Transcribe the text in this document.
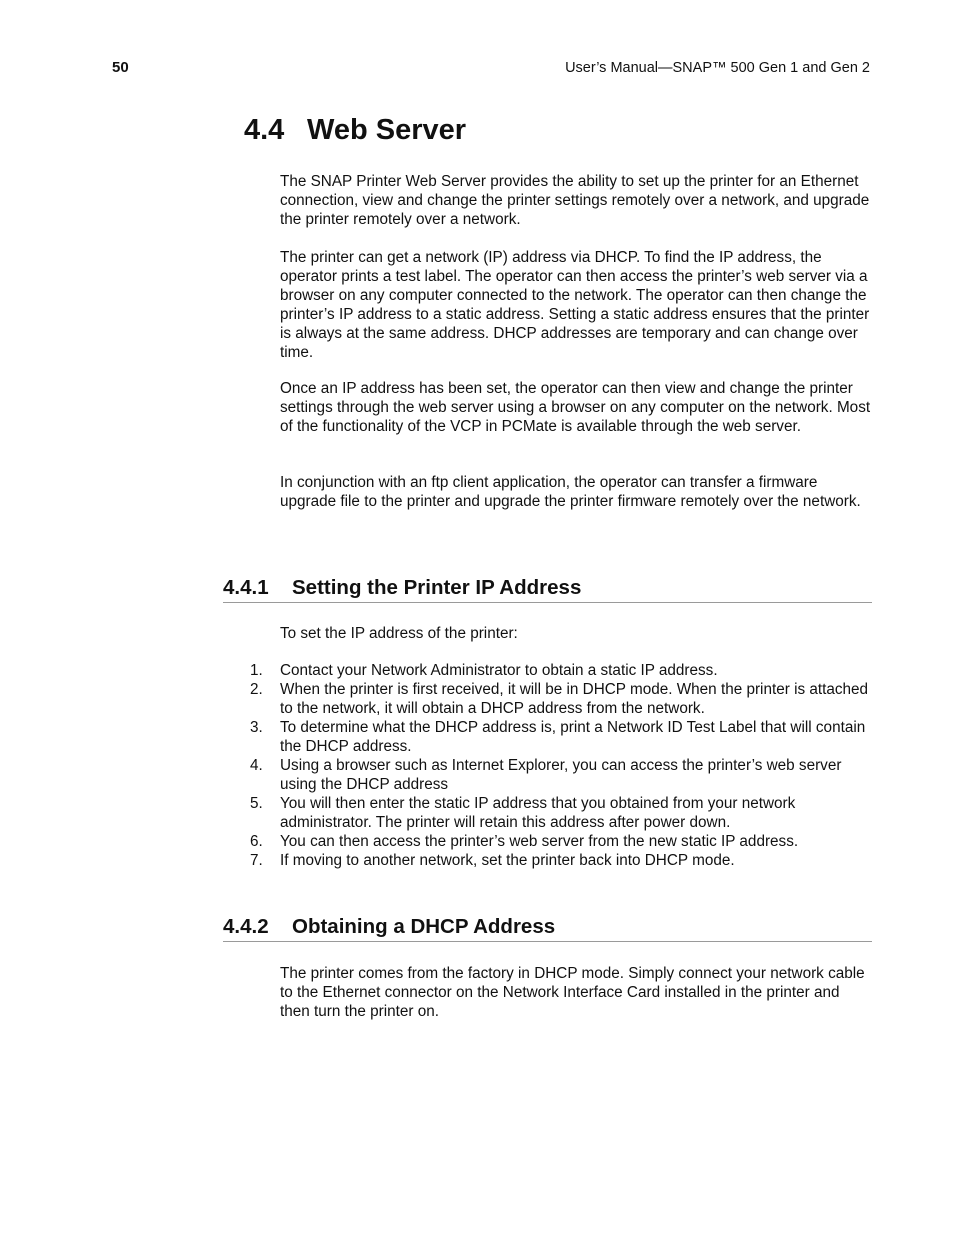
50	User’s Manual—SNAP™ 500 Gen 1 and Gen 2
4.4 Web Server

The SNAP Printer Web Server provides the ability to set up the printer for an Ethernet connection, view and change the printer settings remotely over a network, and upgrade the printer remotely over a network.

The printer can get a network (IP) address via DHCP. To find the IP address, the operator prints a test label. The operator can then access the printer’s web server via a browser on any computer connected to the network. The operator can then change the printer’s IP address to a static address. Setting a static address ensures that the printer is always at the same address. DHCP addresses are temporary and can change over time.

Once an IP address has been set, the operator can then view and change the printer settings through the web server using a browser on any computer on the network. Most of the functionality of the VCP in PCMate is available through the web server.

In conjunction with an ftp client application, the operator can transfer a firmware upgrade file to the printer and upgrade the printer firmware remotely over the network.

4.4.1 Setting the Printer IP Address

To set the IP address of the printer:

1.	Contact your Network Administrator to obtain a static IP address.
2.	When the printer is first received, it will be in DHCP mode. When the printer is attached to the network, it will obtain a DHCP address from the network.
3.	To determine what the DHCP address is, print a Network ID Test Label that will contain the DHCP address.
4.	Using a browser such as Internet Explorer, you can access the printer’s web server using the DHCP address
5.	You will then enter the static IP address that you obtained from your network administrator. The printer will retain this address after power down.
6.	You can then access the printer’s web server from the new static IP address.
7.	If moving to another network, set the printer back into DHCP mode.
4.4.2 Obtaining a DHCP Address

The printer comes from the factory in DHCP mode. Simply connect your network cable to the Ethernet connector on the Network Interface Card installed in the printer and then turn the printer on.
